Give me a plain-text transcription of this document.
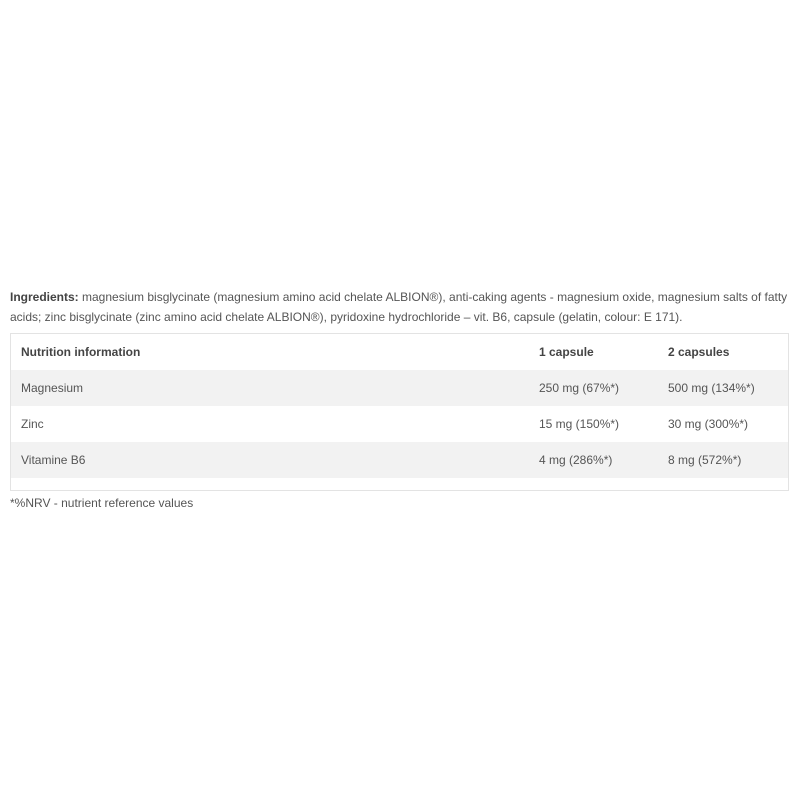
Ingredients: magnesium bisglycinate (magnesium amino acid chelate ALBION®), anti-caking agents - magnesium oxide, magnesium salts of fatty acids; zinc bisglycinate (zinc amino acid chelate ALBION®), pyridoxine hydrochloride – vit. B6, capsule (gelatin, colour: E 171).

Nutrition information	1 capsule	2 capsules
Magnesium	250 mg (67%*)	500 mg (134%*)
Zinc	15 mg (150%*)	30 mg (300%*)
Vitamine B6	4 mg (286%*)	8 mg (572%*)

*%NRV - nutrient reference values
